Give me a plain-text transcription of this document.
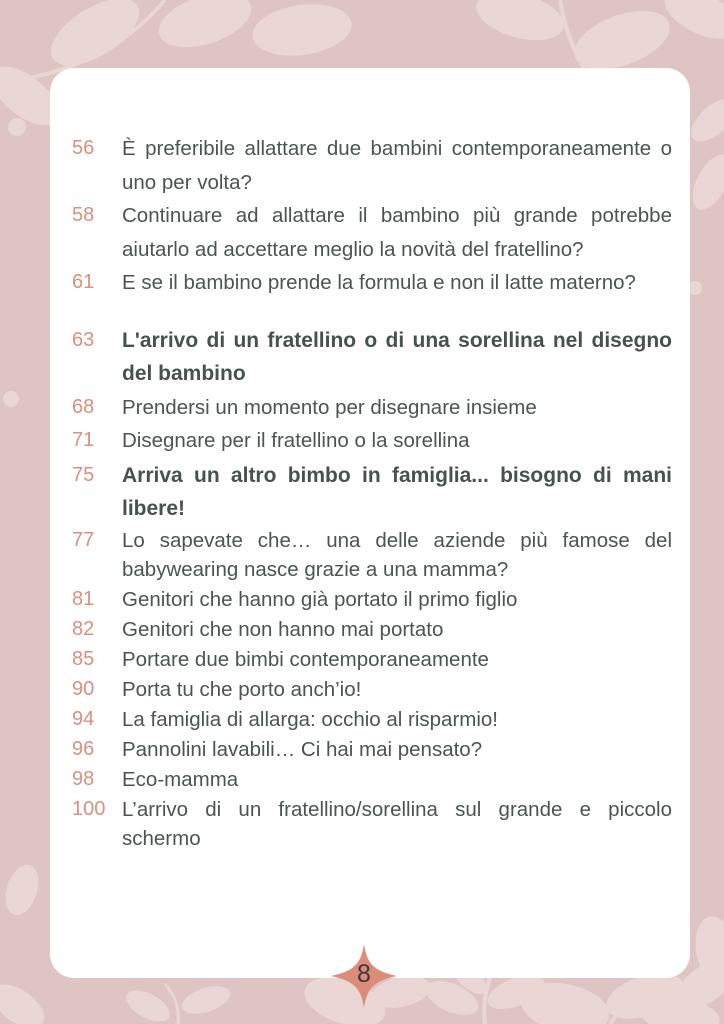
56	È preferibile allattare due bambini contemporaneamente o uno per volta?
58	Continuare ad allattare il bambino più grande potrebbe aiutarlo ad accettare meglio la novità del fratellino?
61	E se il bambino prende la formula e non il latte materno?
63	L'arrivo di un fratellino o di una sorellina nel disegno del bambino
68	Prendersi un momento per disegnare insieme
71	Disegnare per il fratellino o la sorellina
75	Arriva un altro bimbo in famiglia... bisogno di mani libere!
77	Lo sapevate che… una delle aziende più famose del babywearing nasce grazie a una mamma?
81	Genitori che hanno già portato il primo figlio
82	Genitori che non hanno mai portato
85	Portare due bimbi contemporaneamente
90	Porta tu che porto anch’io!
94	La famiglia di allarga: occhio al risparmio!
96	Pannolini lavabili… Ci hai mai pensato?
98	Eco-mamma
100 L’arrivo di un fratellino/sorellina sul grande e piccolo schermo
8
